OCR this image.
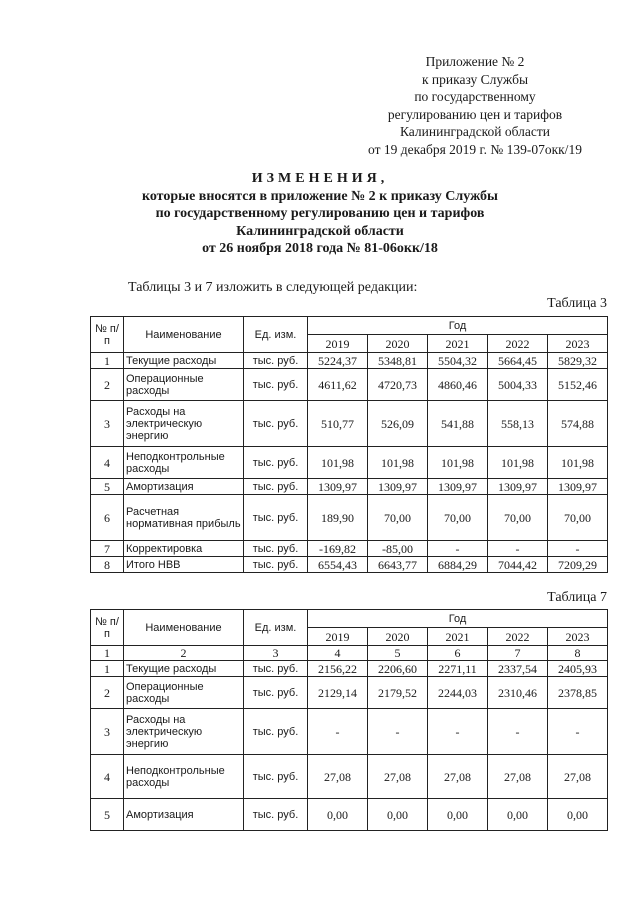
Приложение № 2
к приказу Службы
по государственному
регулированию цен и тарифов
Калининградской области
от 19 декабря 2019 г. № 139-07окк/19
ИЗМЕНЕНИЯ,
которые вносятся в приложение № 2 к приказу Службы
по государственному регулированию цен и тарифов
Калининградской области
от 26 ноября 2018 года № 81-06окк/18
Таблицы 3 и 7 изложить в следующей редакции:
Таблица 3
№ п/п	Наименование	Ед. изм.	Год				
			2019	2020	2021	2022	2023
1	Текущие расходы	тыс. руб.	5224,37	5348,81	5504,32	5664,45	5829,32
2	Операционные расходы	тыс. руб.	4611,62	4720,73	4860,46	5004,33	5152,46
3	Расходы на электрическую энергию	тыс. руб.	510,77	526,09	541,88	558,13	574,88
4	Неподконтрольные расходы	тыс. руб.	101,98	101,98	101,98	101,98	101,98
5	Амортизация	тыс. руб.	1309,97	1309,97	1309,97	1309,97	1309,97
6	Расчетная нормативная прибыль	тыс. руб.	189,90	70,00	70,00	70,00	70,00
7	Корректировка	тыс. руб.	-169,82	-85,00	-	-	-
8	Итого НВВ	тыс. руб.	6554,43	6643,77	6884,29	7044,42	7209,29
Таблица 7
№ п/п	Наименование	Ед. изм.	Год				
			2019	2020	2021	2022	2023
1	2	3	4	5	6	7	8
1	Текущие расходы	тыс. руб.	2156,22	2206,60	2271,11	2337,54	2405,93
2	Операционные расходы	тыс. руб.	2129,14	2179,52	2244,03	2310,46	2378,85
3	Расходы на электрическую энергию	тыс. руб.	-	-	-	-	-
4	Неподконтрольные расходы	тыс. руб.	27,08	27,08	27,08	27,08	27,08
5	Амортизация	тыс. руб.	0,00	0,00	0,00	0,00	0,00
